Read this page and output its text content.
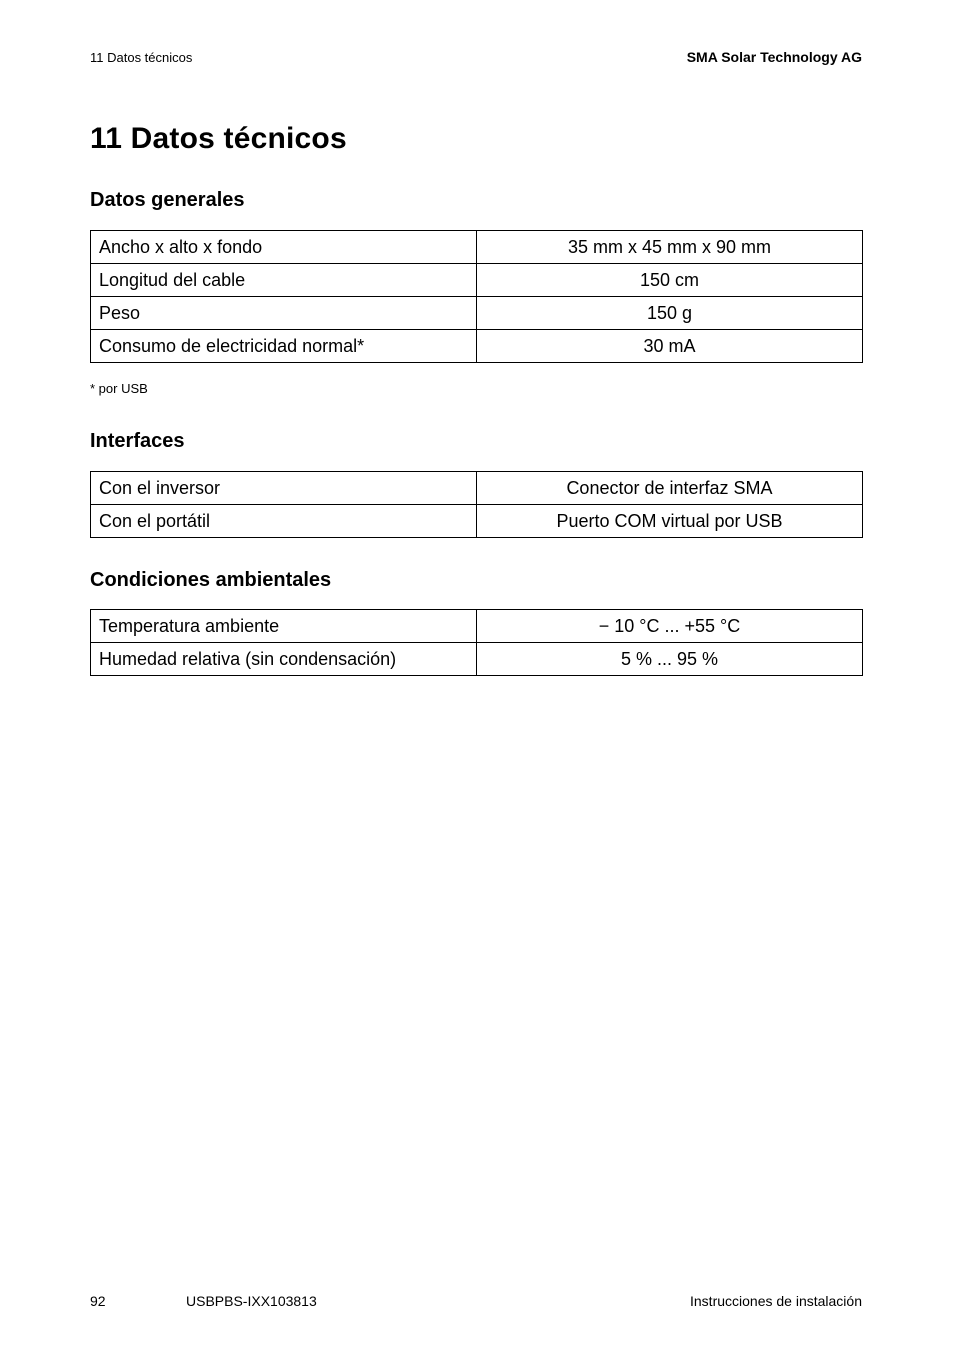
11 Datos técnicos	SMA Solar Technology AG
11 Datos técnicos
Datos generales
Ancho x alto x fondo	35 mm x 45 mm x 90 mm
Longitud del cable	150 cm
Peso	150 g
Consumo de electricidad normal*	30 mA
* por USB
Interfaces
Con el inversor	Conector de interfaz SMA
Con el portátil	Puerto COM virtual por USB
Condiciones ambientales
Temperatura ambiente	− 10 °C ... +55 °C
Humedad relativa (sin condensación)	5 % ... 95 %
92	USBPBS-IXX103813	Instrucciones de instalación
